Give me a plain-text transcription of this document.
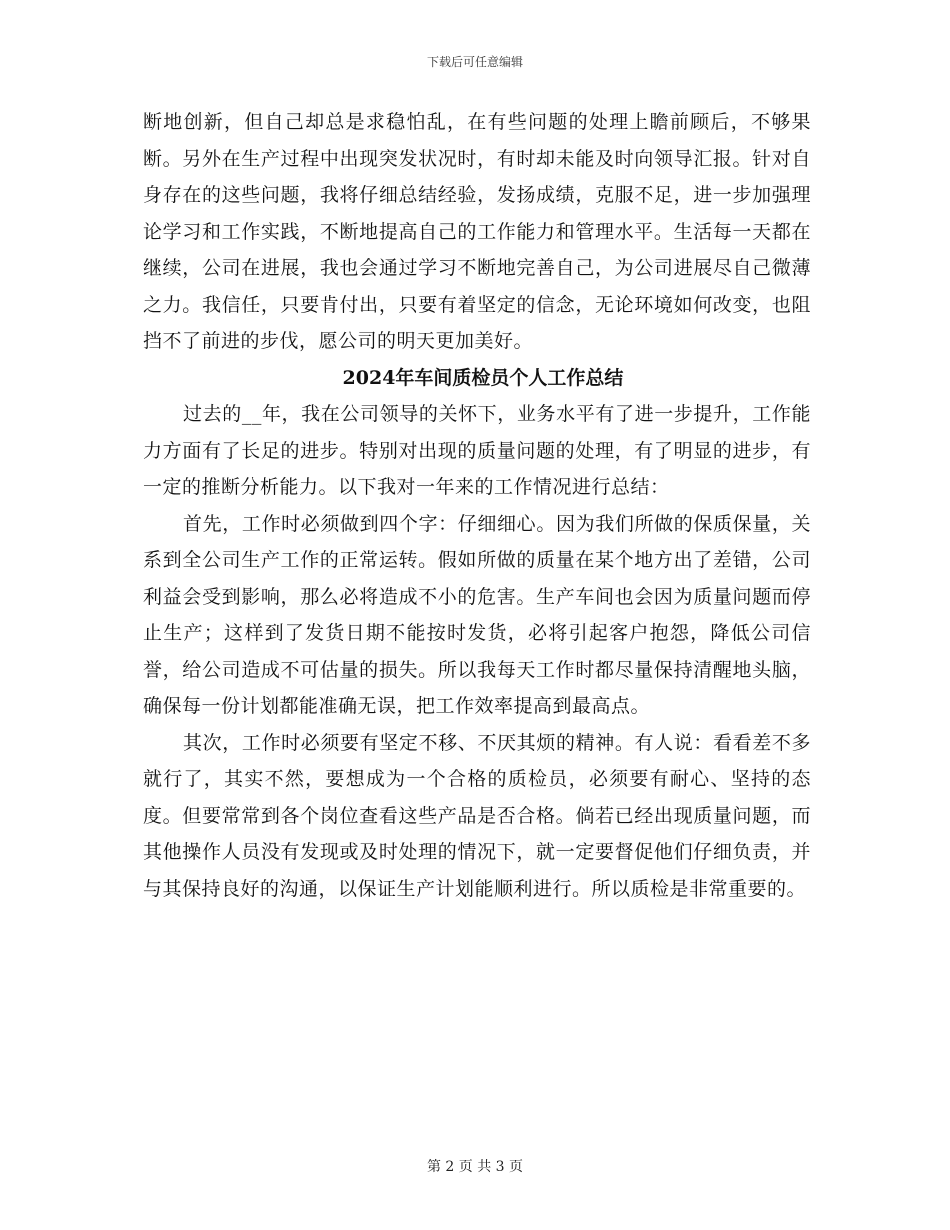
下载后可任意编辑

断地创新，但自己却总是求稳怕乱，在有些问题的处理上瞻前顾后，不够果断。另外在生产过程中出现突发状况时，有时却未能及时向领导汇报。针对自身存在的这些问题，我将仔细总结经验，发扬成绩，克服不足，进一步加强理论学习和工作实践，不断地提高自己的工作能力和管理水平。生活每一天都在继续，公司在进展，我也会通过学习不断地完善自己，为公司进展尽自己微薄之力。我信任，只要肯付出，只要有着坚定的信念，无论环境如何改变，也阻挡不了前进的步伐，愿公司的明天更加美好。

2024年车间质检员个人工作总结

过去的__年，我在公司领导的关怀下，业务水平有了进一步提升，工作能力方面有了长足的进步。特别对出现的质量问题的处理，有了明显的进步，有一定的推断分析能力。以下我对一年来的工作情况进行总结：

首先，工作时必须做到四个字：仔细细心。因为我们所做的保质保量，关系到全公司生产工作的正常运转。假如所做的质量在某个地方出了差错，公司利益会受到影响，那么必将造成不小的危害。生产车间也会因为质量问题而停止生产；这样到了发货日期不能按时发货，必将引起客户抱怨，降低公司信誉，给公司造成不可估量的损失。所以我每天工作时都尽量保持清醒地头脑，确保每一份计划都能准确无误，把工作效率提高到最高点。

其次，工作时必须要有坚定不移、不厌其烦的精神。有人说：看看差不多就行了，其实不然，要想成为一个合格的质检员，必须要有耐心、坚持的态度。但要常常到各个岗位查看这些产品是否合格。倘若已经出现质量问题，而其他操作人员没有发现或及时处理的情况下，就一定要督促他们仔细负责，并与其保持良好的沟通，以保证生产计划能顺利进行。所以质检是非常重要的。

第 2 页 共 3 页
